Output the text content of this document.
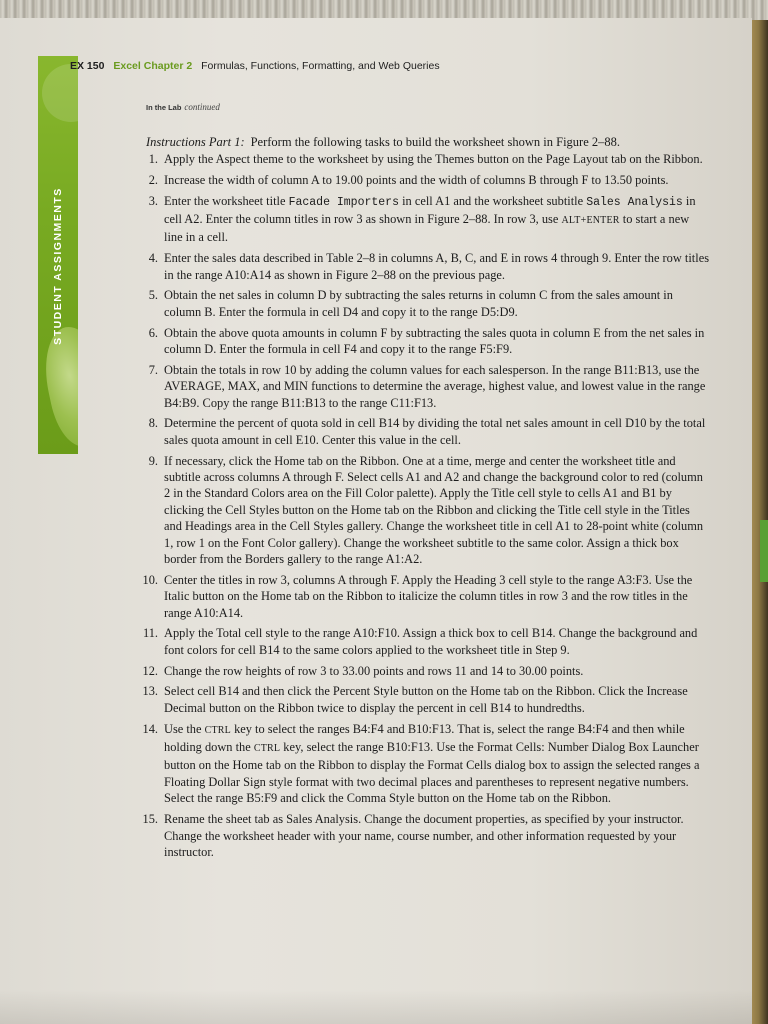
STUDENT ASSIGNMENTS
EX 150 Excel Chapter 2 Formulas, Functions, Formatting, and Web Queries
In the Lab continued
Instructions Part 1: Perform the following tasks to build the worksheet shown in Figure 2–88.
1. Apply the Aspect theme to the worksheet by using the Themes button on the Page Layout tab on the Ribbon.
2. Increase the width of column A to 19.00 points and the width of columns B through F to 13.50 points.
3. Enter the worksheet title Facade Importers in cell A1 and the worksheet subtitle Sales Analysis in cell A2. Enter the column titles in row 3 as shown in Figure 2–88. In row 3, use ALT+ENTER to start a new line in a cell.
4. Enter the sales data described in Table 2–8 in columns A, B, C, and E in rows 4 through 9. Enter the row titles in the range A10:A14 as shown in Figure 2–88 on the previous page.
5. Obtain the net sales in column D by subtracting the sales returns in column C from the sales amount in column B. Enter the formula in cell D4 and copy it to the range D5:D9.
6. Obtain the above quota amounts in column F by subtracting the sales quota in column E from the net sales in column D. Enter the formula in cell F4 and copy it to the range F5:F9.
7. Obtain the totals in row 10 by adding the column values for each salesperson. In the range B11:B13, use the AVERAGE, MAX, and MIN functions to determine the average, highest value, and lowest value in the range B4:B9. Copy the range B11:B13 to the range C11:F13.
8. Determine the percent of quota sold in cell B14 by dividing the total net sales amount in cell D10 by the total sales quota amount in cell E10. Center this value in the cell.
9. If necessary, click the Home tab on the Ribbon. One at a time, merge and center the worksheet title and subtitle across columns A through F. Select cells A1 and A2 and change the background color to red (column 2 in the Standard Colors area on the Fill Color palette). Apply the Title cell style to cells A1 and B1 by clicking the Cell Styles button on the Home tab on the Ribbon and clicking the Title cell style in the Titles and Headings area in the Cell Styles gallery. Change the worksheet title in cell A1 to 28-point white (column 1, row 1 on the Font Color gallery). Change the worksheet subtitle to the same color. Assign a thick box border from the Borders gallery to the range A1:A2.
10. Center the titles in row 3, columns A through F. Apply the Heading 3 cell style to the range A3:F3. Use the Italic button on the Home tab on the Ribbon to italicize the column titles in row 3 and the row titles in the range A10:A14.
11. Apply the Total cell style to the range A10:F10. Assign a thick box to cell B14. Change the background and font colors for cell B14 to the same colors applied to the worksheet title in Step 9.
12. Change the row heights of row 3 to 33.00 points and rows 11 and 14 to 30.00 points.
13. Select cell B14 and then click the Percent Style button on the Home tab on the Ribbon. Click the Increase Decimal button on the Ribbon twice to display the percent in cell B14 to hundredths.
14. Use the CTRL key to select the ranges B4:F4 and B10:F13. That is, select the range B4:F4 and then while holding down the CTRL key, select the range B10:F13. Use the Format Cells: Number Dialog Box Launcher button on the Home tab on the Ribbon to display the Format Cells dialog box to assign the selected ranges a Floating Dollar Sign style format with two decimal places and parentheses to represent negative numbers. Select the range B5:F9 and click the Comma Style button on the Home tab on the Ribbon.
15. Rename the sheet tab as Sales Analysis. Change the document properties, as specified by your instructor. Change the worksheet header with your name, course number, and other information requested by your instructor.
